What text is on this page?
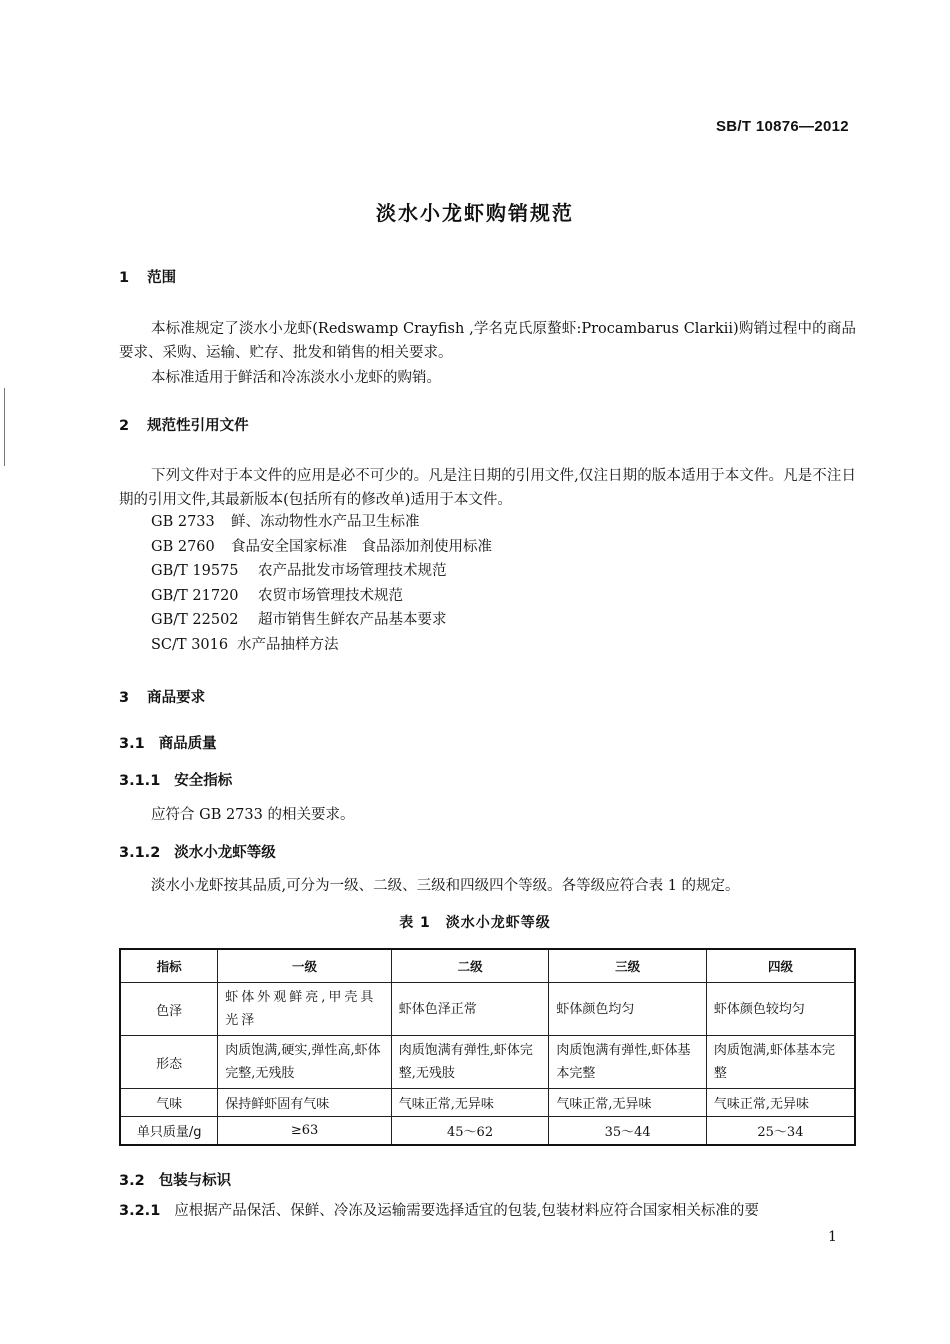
SB/T 10876—2012
淡水小龙虾购销规范
1 范围
本标准规定了淡水小龙虾(Redswamp Crayfish ,学名克氏原螯虾:Procambarus Clarkii)购销过程中的商品要求、采购、运输、贮存、批发和销售的相关要求。
本标准适用于鲜活和冷冻淡水小龙虾的购销。
2 规范性引用文件
下列文件对于本文件的应用是必不可少的。凡是注日期的引用文件,仅注日期的版本适用于本文件。凡是不注日期的引用文件,其最新版本(包括所有的修改单)适用于本文件。
GB 2733 鲜、冻动物性水产品卫生标准
GB 2760 食品安全国家标准　食品添加剂使用标准
GB/T 19575 农产品批发市场管理技术规范
GB/T 21720 农贸市场管理技术规范
GB/T 22502 超市销售生鲜农产品基本要求
SC/T 3016 水产品抽样方法
3 商品要求
3.1 商品质量
3.1.1 安全指标
应符合 GB 2733 的相关要求。
3.1.2 淡水小龙虾等级
淡水小龙虾按其品质,可分为一级、二级、三级和四级四个等级。各等级应符合表 1 的规定。
表 1　淡水小龙虾等级
指标	一级	二级	三级	四级
色泽	虾体外观鲜亮,甲壳具光泽	虾体色泽正常	虾体颜色均匀	虾体颜色较均匀
形态	肉质饱满,硬实,弹性高,虾体完整,无残肢	肉质饱满有弹性,虾体完整,无残肢	肉质饱满有弹性,虾体基本完整	肉质饱满,虾体基本完整
气味	保持鲜虾固有气味	气味正常,无异味	气味正常,无异味	气味正常,无异味
单只质量/g	≥63	45～62	35～44	25～34
3.2 包装与标识
3.2.1 应根据产品保活、保鲜、冷冻及运输需要选择适宜的包装,包装材料应符合国家相关标准的要
1
